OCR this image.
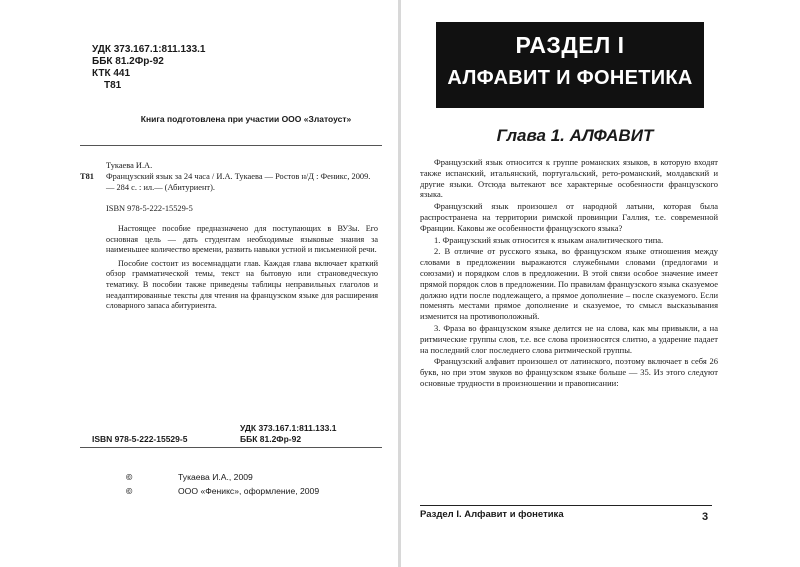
УДК 373.167.1:811.133.1
ББК 81.2Фр-92
КТК 441
Т81
Книга подготовлена при участии ООО «Златоуст»
Тукаева И.А.
Т81	Французский язык за 24 часа / И.А. Тукаева — Ростов н/Д : Феникс, 2009. — 284 с. : ил.— (Абитуриент).
ISBN 978-5-222-15529-5

Настоящее пособие предназначено для поступающих в ВУЗы. Его основная цель — дать студентам необходимые языковые знания за наименьшее количество времени, развить навыки устной и письменной речи.

Пособие состоит из восемнадцати глав. Каждая глава включает краткий обзор грамматической темы, текст на бытовую или страноведческую тематику. В пособии также приведены таблицы неправильных глаголов и неадаптированные тексты для чтения на французском языке для расширения словарного запаса абитуриента.

УДК 373.167.1:811.133.1
ББК 81.2Фр-92
ISBN 978-5-222-15529-5
©	Тукаева И.А., 2009
©	ООО «Феникс», оформление, 2009
РАЗДЕЛ I
АЛФАВИТ И ФОНЕТИКА
Глава 1. АЛФАВИТ

Французский язык относится к группе романских языков, в которую входят также испанский, итальянский, португальский, рето-романский, молдавский и другие языки. Отсюда вытекают все характерные особенности французского языка.

Французский язык произошел от народной латыни, которая была распространена на территории римской провинции Галлия, т.е. современной Франции. Каковы же особенности французского языка?

1. Французский язык относится к языкам аналитического типа.

2. В отличие от русского языка, во французском языке отношения между словами в предложении выражаются служебными словами (предлогами и союзами) и порядком слов в предложении. В этой связи особое значение имеет прямой порядок слов в предложении. По правилам французского языка сказуемое должно идти после подлежащего, а прямое дополнение – после сказуемого. Если поменять местами прямое дополнение и сказуемое, то смысл высказывания изменится на противоположный.

3. Фраза во французском языке делится не на слова, как мы привыкли, а на ритмические группы слов, т.е. все слова произносятся слитно, а ударение падает на последний слог последнего слова ритмической группы.

Французский алфавит произошел от латинского, поэтому включает в себя 26 букв, но при этом звуков во французском языке больше — 35. Из этого следуют основные трудности в произношении и правописании:

Раздел I. Алфавит и фонетика	3
